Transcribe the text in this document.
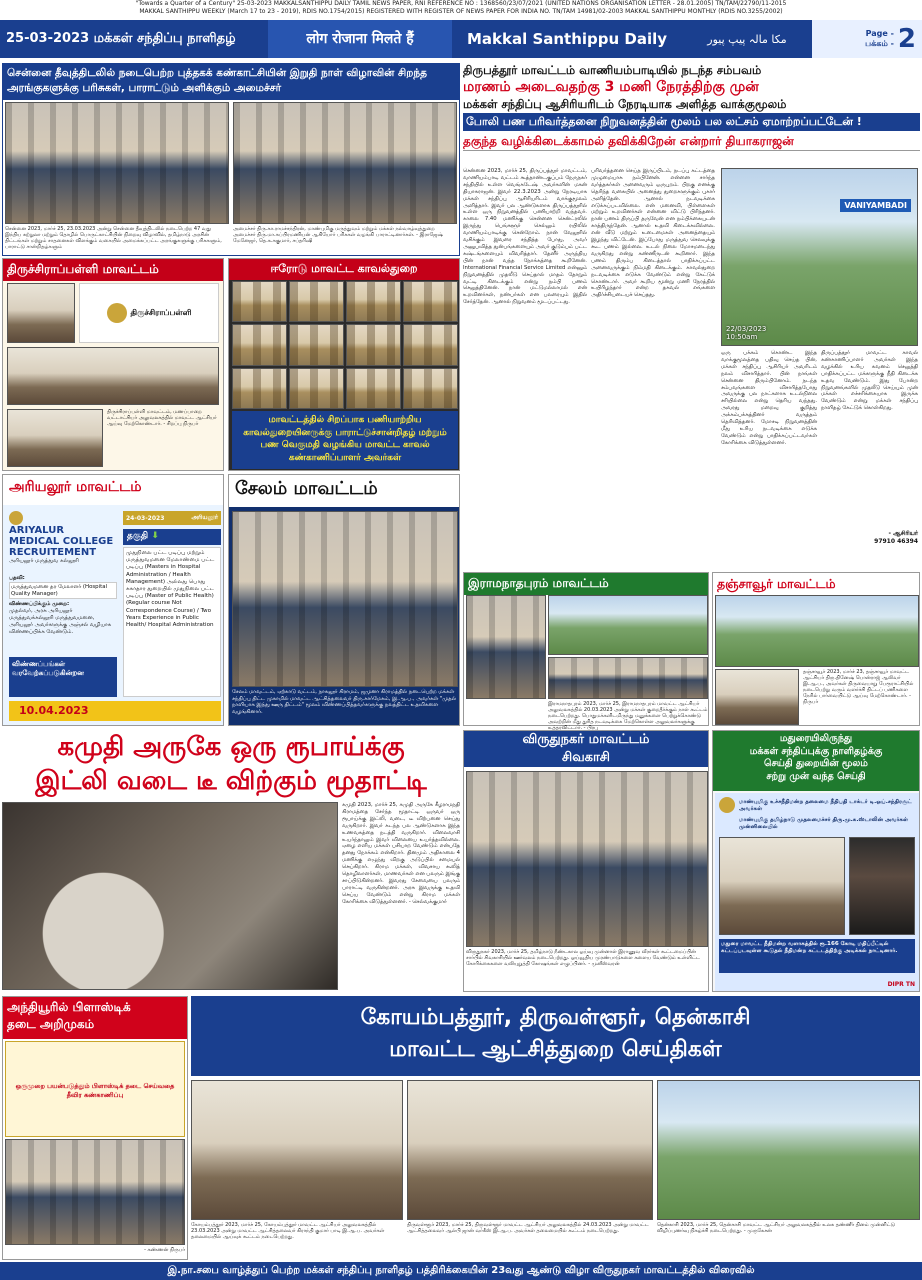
"Towards a Quarter of a Century" 25-03-2023 MAKKALSANTHIPPU DAILY TAMIL NEWS PAPER, RNI REFERENCE NO : 1368560/23/07/2021 (UNITED NATIONS ORGANISATION LETTER - 28.01.2005) TN/TAM/22790/11-2015
MAKKAL SANTHIPPU WEEKLY (March 17 to 23 - 2019), RDIS NO.1754/2015) REGISTERED WITH REGISTER OF NEWS PAPER FOR INDIA NO. TN/TAM 14981/02-2003 MAKKAL SANTHIPPU MONTHLY (RDIS NO.3255/2002)
25-03-2023 மக்கள் சந்திப்பு நாளிதழ்	लोग रोजाना मिलते हैं	Makkal Santhippu Daily	مکا مالہ پیپ پیور	Page -
பக்கம் - 2
சென்னை தீவுத்திடலில் நடைபெற்ற புத்தகக் கண்காட்சியின் இறுதி நாள் விழாவின் சிறந்த அரங்குகளுக்கு பரிசுகள், பாராட்டும் அளிக்கும் அமைச்சர்
சென்னை 2023, மார்ச் 25, 23.03.2023 அன்று சென்னை தீவுத்திடலில் நடைபெற்ற 47 வது இந்திய சுற்றுலா மற்றும் தொழில் பொருட்காட்சியின் நிறைவு விழாவில், தமிழ்நாடு அரசின் திட்டங்கள் மற்றும் சாதனைகள் விளக்கும் வகையில் அமைக்கப்பட்ட அரங்குகளுக்கு பரிசுகளும், பாராட்டு சான்றிதழ்களும்
அமைச்சர் திரு.கா.ராமச்சந்திரன், மாண்புமிகு மருத்துவம் மற்றும் மக்கள் நல்வாழ்வுத்துறை அமைச்சர் திரு.மா.சுப்பிரமணியன் ஆகியோர் பரிசுகள் வழங்கி பாராட்டினார்கள். - இராஜேஷ் மேனேஜர், தெ.க.சுகுமார், சப்தரிஷி
திருச்சிராப்பள்ளி மாவட்டம்
திருச்சிராப்பள்ளி
திருச்சிராப்பள்ளி மாவட்டம், மணப்பாறை வட்டாட்சியர் அலுவலகத்தில் மாவட்ட ஆட்சியர் ஆய்வு மேற்கொண்டார். - சிறப்பு நிருபர்
ஈரோடு மாவட்ட காவல்துறை
மாவட்டத்தில் சிறப்பாக பணியாற்றிய காவல்துறையினருக்கு பாராட்டுச்சான்றிதழ் மற்றும் பண வெகுமதி வழங்கிய மாவட்ட காவல் கண்காணிப்பாளர் அவர்கள்
திருபத்தூர் மாவட்டம் வாணியம்பாடியில் நடந்த சம்பவம்
மரணம் அடைவதற்கு 3 மணி நேரத்திற்கு முன்
மக்கள் சந்திப்பு ஆசிரியரிடம் நேரடியாக அளித்த வாக்குமூலம்
போலி பண பரிவர்த்தனை நிறுவனத்தின் மூலம் பல லட்சம் ஏமாற்றப்பட்டேன் !
தகுந்த வழிக்கிடைக்காமல் தவிக்கிறேன் என்றார் தியாகராஜன்
சென்னை 2023, மார்ச் 25, திருப்பத்தூர் மாவட்டம், வாணியம்பாடி வட்டம் கூத்தாண்டகுப்பம் நேருநகர் சந்தியில் உள்ள வெங்கடேஷ் அவர்களின் மகன் தியாகராஜன். இவர் 22.3.2023 அன்று நேரடியாக மக்கள் சந்திப்பு ஆசிரியரிடம் வாக்குமூலம் அளித்தார். இவர் பல ஆண்டுகளாக திருப்பத்தூரில் உள்ள ஒரு நிறுவனத்தில் பணியாற்றி வந்தவர். காலை 7.40 மணிக்கு சென்னை சென்ட்ரலில் இருந்து பெங்களூர் செல்லும் ரயிலில் வாணியம்பாடிக்கு சென்றோம். நான் வேலூரில் வசிக்கும் இவரை சந்தித்த போது, அவர் அனுபவித்த துன்பங்களையும் அவர் குடும்பம் பட்ட கஷ்டங்களையும் விவரித்தார். தேனீர் அருந்திய பின் நான் வந்த நோக்கத்தை கூறினேன். International Financial Service Limited என்னும் நிறுவனத்தில் முதலீடு செய்தால் மாதம் தோறும் வட்டி கிடைக்கும் என்று நம்பி பணம் செலுத்தினேன். நான் மட்டுமல்லாமல் என் உறவினர்கள், நண்பர்கள் என பலரையும் இதில் சேர்த்தேன். ஆனால் நிறுவனம் மூடப்பட்டது.
பரிவர்த்தனை செய்த இருப்பிடம், நடப்பு கட்டத்தை முழுமையாக நம்பினேன். என்னை சார்ந்த வர்த்தகர்கள் அனைவரும் ஒருபுறம். பிறகு எனக்கு தெரிந்த வகையில் அனைத்து துறைகளுக்கும் புகார் அளித்தேன். ஆனால் நடவடிக்கை எடுக்கப்படவில்லை. என் மனைவி, பிள்ளைகள் மற்றும் உறவினர்கள் என்னை விட்டு பிரிந்தனர். நான் பணம் திருப்பி தருவேன் என நம்பிக்கையுடன் காத்திருந்தேன். ஆனால் உதவி கிடைக்கவில்லை. என் வீடு மற்றும் உடைமைகள் அனைத்தையும் இழந்து விட்டேன். இப்போது மருத்துவ செலவுக்கு கூட பணம் இல்லை. உடல் நிலை மோசமடைந்து வருகிறது என்று கண்ணீருடன் கூறினார். இந்த பணம் திரும்ப கிடைத்தால் பாதிக்கப்பட்ட அனைவருக்கும் நிம்மதி கிடைக்கும். காவல்துறை நடவடிக்கை எடுக்க வேண்டும் என்று கேட்டுக் கொண்டார். அவர் கூறிய மூன்று மணி நேரத்தில் உயிரிழந்தார் என்ற தகவல் எங்களை அதிர்ச்சியடையச் செய்தது.
VANIYAMBADI
22/03/2023
10:50am
ஒரு பக்கம் கொண்ட இந்த வாக்குமூலத்தை பதிவு செய்த பின், மக்கள் சந்திப்பு ஆசிரியர் அவரிடம் நலம் விசாரித்தார். பின் நாங்கள் சென்னை திரும்பினோம். நடந்த சம்பவங்களை விசாரித்தபோது அவருக்கு பல நாட்களாக உடல்நிலை சரியில்லை என்று தெரிய வந்தது. அவரது மறைவு குறித்து அக்கம்பக்கத்தினர் வருத்தம் தெரிவித்தனர். மோசடி நிறுவனத்தின் மீது உரிய நடவடிக்கை எடுக்க வேண்டும் என்று பாதிக்கப்பட்டவர்கள் கோரிக்கை விடுத்துள்ளனர்.
திருப்பத்தூர் மாவட்ட காவல் கண்காணிப்பாளர் அவர்கள் இந்த வழக்கில் உரிய கவனம் செலுத்தி பாதிக்கப்பட்ட மக்களுக்கு நீதி கிடைக்க உதவ வேண்டும். இது போன்ற நிறுவனங்களில் முதலீடு செய்யும் முன் மக்கள் எச்சரிக்கையாக இருக்க வேண்டும் என்று மக்கள் சந்திப்பு நாளிதழ் கேட்டுக் கொள்கிறது.
- ஆசிரியர்
97910 46394
அரியலூர் மாவட்டம்
24-03-2023	அரியலூர்
ARIYALUR
MEDICAL COLLEGE
RECRUITEMENT
அரியலூர் மருத்துவ கல்லூரி
தகுதி ⬇
பதவி:
மருத்துவமனை தர மேலாளர் (Hospital Quality Manager)
விண்ணப்பிக்கும் முறை:
முதல்வர், அரசு அரியலூர் மருத்துவக்கல்லூரி மருத்துவமனை, அரியலூர் அவர்களுக்கு அஞ்சல் வழியாக விண்ணப்பிக்க வேண்டும்.
முதுநிலை பட்ட படிப்பு மற்றும் மருத்துவமனை மேலாண்மை பட்ட படிப்பு (Masters in Hospital Administration / Health Management) அல்லது பொது சுகாதார துறையில் முதுநிலை பட்ட படிப்பு (Master of Public Health) (Regular course Not Correspondence Course) / Two Years Experience in Public Health/ Hospital Administration
விண்ணப்பங்கள் வரவேற்கப்படுகின்றன
10.04.2023
சேலம் மாவட்டம்
சேலம் மாவட்டம், ஏற்காடு வட்டம், நாகலூர் கிராமம், ஜமுனா கிராமத்தில் நடைபெற்ற மக்கள் சந்திப்பு திட்ட முகாமில் மாவட்ட ஆட்சித்தலைவர் திரு.கார்மேகம், இ.ஆ.ப., அவர்கள் "முதல் நாளியாக இந்து ஊரு திட்டம்" மூலம் விண்ணப்பித்தவர்களுக்கு நலத்திட்ட உதவிகளை வழங்கினார்.
இராமநாதபுரம் மாவட்டம்
இராமநாதபுரம் 2023, மார்ச் 25, இராமநாதபுரம் மாவட்ட ஆட்சியர் அலுவலகத்தில் 20.03.2023 அன்று மக்கள் குறைதீர்க்கும் நாள் கூட்டம் நடைபெற்றது. பொதுமக்களிடமிருந்து மனுக்களை பெற்றுக்கொண்டு அவற்றின் மீது துரித நடவடிக்கை மேற்கொள்ள அலுவலர்களுக்கு உத்தரவிட்டார். - பிரபு
தஞ்சாவூர் மாவட்டம்
தஞ்சாவூர் 2023, மார்ச் 23, தஞ்சாவூர் மாவட்ட ஆட்சியர் திரு.தினேஷ் பொன்ராஜ் ஆலிவர் இ.ஆ.ப., அவர்கள் திருவையாறு பேரூராட்சியில் நடைபெற்று வரும் வளர்ச்சி திட்டப் பணிகளை நேரில் பார்வையிட்டு ஆய்வு மேற்கொண்டார். - நிருபர்
கமுதி அருகே ஒரு ரூபாய்க்கு
இட்லி வடை டீ விற்கும் மூதாட்டி
கமுதி 2023, மார்ச் 25, கமுதி அருகே கீழராமநதி கிராமத்தை சேர்ந்த மூதாட்டி ஒருவர் ஒரு ரூபாய்க்கு இட்லி, வடை, டீ விற்பனை செய்து வருகிறார். இவர் கடந்த பல ஆண்டுகளாக இந்த உணவகத்தை நடத்தி வருகிறார். விலைவாசி உயர்ந்தாலும் இவர் விலையை உயர்த்தவில்லை. ஏழை எளிய மக்கள் பசியாற வேண்டும் என்பதே தனது நோக்கம் என்கிறார். தினமும் அதிகாலை 4 மணிக்கு எழுந்து விறகு அடுப்பில் சமையல் செய்கிறார். கிராம மக்கள், விவசாய கூலித் தொழிலாளர்கள், மாணவர்கள் என பலரும் இங்கு சாப்பிடுகின்றனர். இவரது சேவையை பலரும் பாராட்டி வருகின்றனர். அரசு இவருக்கு உதவி செய்ய வேண்டும் என்று கிராம மக்கள் கோரிக்கை விடுத்துள்ளனர். - செல்வக்குமார்
விருதுநகர் மாவட்டம்
சிவகாசி
விருதுநகர் 2023, மார்ச் 25, தமிழ்நாடு நீண்டகால ஓய்வு முன்னாள் இராணுவ வீரர்கள் கூட்டமைப்பின் சார்பில் சிவகாசியில் ஊர்வலம் நடைபெற்றது. ஓய்வூதிய முரண்பாடுகளை களைய வேண்டும் உள்ளிட்ட கோரிக்கைகளை வலியுறுத்தி கோஷங்கள் எழுப்பினர். - முனீஸ்வரன்
மதுரையிலிருந்து
மக்கள் சந்திப்புக்கு நாளிதழ்க்கு
செய்தி துறையின் மூலம்
சற்று முன் வந்த செய்தி
மாண்புமிகு உச்சநீதிமன்ற தலைமை நீதிபதி டாக்டர் டி.ஒய்.சந்திரசூட் அவர்கள்
மாண்புமிகு தமிழ்நாடு முதலமைச்சர் திரு.மு.க.ஸ்டாலின் அவர்கள் முன்னிலையில்
மதுரை மாவட்ட நீதிமன்ற வளாகத்தில் ரூ.166 கோடி மதிப்பீட்டில் கட்டப்படவுள்ள கூடுதல் நீதிமன்ற கட்டடத்திற்கு அடிக்கல் நாட்டினார்.
DIPR TN
அந்தியூரில் பிளாஸ்டிக்
தடை அறிமுகம்
ஒருமுறை பயன்படுத்தும் பிளாஸ்டிக் தடை செய்வதை தீவிர கண்காணிப்பு
- கண்ணன் நிருபர்
கோயம்பத்தூர், திருவள்ளூர், தென்காசி
மாவட்ட ஆட்சித்துறை செய்திகள்
கோயம்பத்தூர் 2023, மார்ச் 25, கோயம்புத்தூர் மாவட்ட ஆட்சியர் அலுவலகத்தில் 23.03.2023 அன்று மாவட்ட ஆட்சித்தலைவர் கிராந்தி குமார் பாடி இ.ஆ.ப. அவர்கள் தலைமையில் ஆய்வுக் கூட்டம் நடைபெற்றது.
திருவள்ளூர் 2023, மார்ச் 25, திருவள்ளூர் மாவட்ட ஆட்சியர் அலுவலகத்தில் 24.03.2023 அன்று மாவட்ட ஆட்சித்தலைவர் ஆல்பி ஜான் வர்கீஸ் இ.ஆ.ப. அவர்கள் தலைமையில் கூட்டம் நடைபெற்றது.
தென்காசி 2023, மார்ச் 25, தென்காசி மாவட்ட ஆட்சியர் அலுவலகத்தில் உலக தண்ணீர் தினம் முன்னிட்டு விழிப்புணர்வு நிகழ்ச்சி நடைபெற்றது. - முருகேசன்
இ.நா.சபை வாழ்த்துப் பெற்ற மக்கள் சந்திப்பு நாளிதழ் பத்திரிக்கையின் 23வது ஆண்டு விழா விருதுநகர் மாவட்டத்தில் விரைவில்
